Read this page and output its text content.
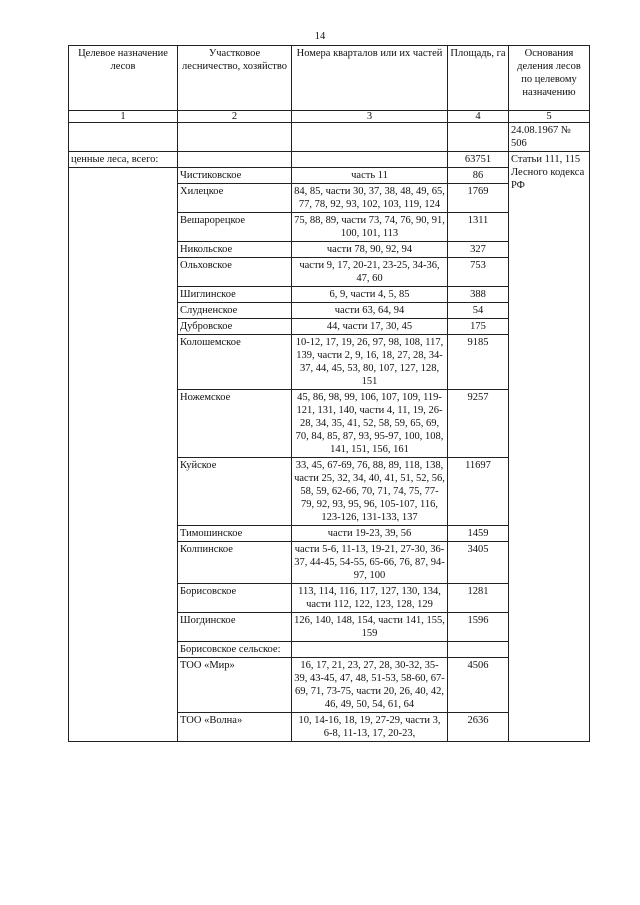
14
Целевое назначение лесов	Участковое лесничество, хозяйство	Номера кварталов или их частей	Площадь, га	Основания деления лесов по целевому назначению
1	2	3	4	5
				24.08.1967 № 506
ценные леса, всего:			63751	Статьи 111, 115 Лесного кодекса РФ
	Чистиковское	часть 11	86	
	Хилецкое	84, 85, части 30, 37, 38, 48, 49, 65, 77, 78, 92, 93, 102, 103, 119, 124	1769	
	Вешарорецкое	75, 88, 89, части 73, 74, 76, 90, 91, 100, 101, 113	1311	
	Никольское	части 78, 90, 92, 94	327	
	Ольховское	части 9, 17, 20-21, 23-25, 34-36, 47, 60	753	
	Шиглинское	6, 9, части 4, 5, 85	388	
	Слудненское	части 63, 64, 94	54	
	Дубровское	44, части 17, 30, 45	175	
	Колошемское	10-12, 17, 19, 26, 97, 98, 108, 117, 139, части 2, 9, 16, 18, 27, 28, 34-37, 44, 45, 53, 80, 107, 127, 128, 151	9185	
	Ножемское	45, 86, 98, 99, 106, 107, 109, 119-121, 131, 140, части 4, 11, 19, 26-28, 34, 35, 41, 52, 58, 59, 65, 69, 70, 84, 85, 87, 93, 95-97, 100, 108, 141, 151, 156, 161	9257	
	Куйское	33, 45, 67-69, 76, 88, 89, 118, 138, части 25, 32, 34, 40, 41, 51, 52, 56, 58, 59, 62-66, 70, 71, 74, 75, 77-79, 92, 93, 95, 96, 105-107, 116, 123-126, 131-133, 137	11697	
	Тимошинское	части 19-23, 39, 56	1459	
	Колпинское	части 5-6, 11-13, 19-21, 27-30, 36-37, 44-45, 54-55, 65-66, 76, 87, 94-97, 100	3405	
	Борисовское	113, 114, 116, 117, 127, 130, 134, части 112, 122, 123, 128, 129	1281	
	Шогдинское	126, 140, 148, 154, части 141, 155, 159	1596	
	Борисовское сельское:			
	ТОО «Мир»	16, 17, 21, 23, 27, 28, 30-32, 35-39, 43-45, 47, 48, 51-53, 58-60, 67-69, 71, 73-75, части 20, 26, 40, 42, 46, 49, 50, 54, 61, 64	4506	
	ТОО «Волна»	10, 14-16, 18, 19, 27-29, части 3, 6-8, 11-13, 17, 20-23,	2636	
